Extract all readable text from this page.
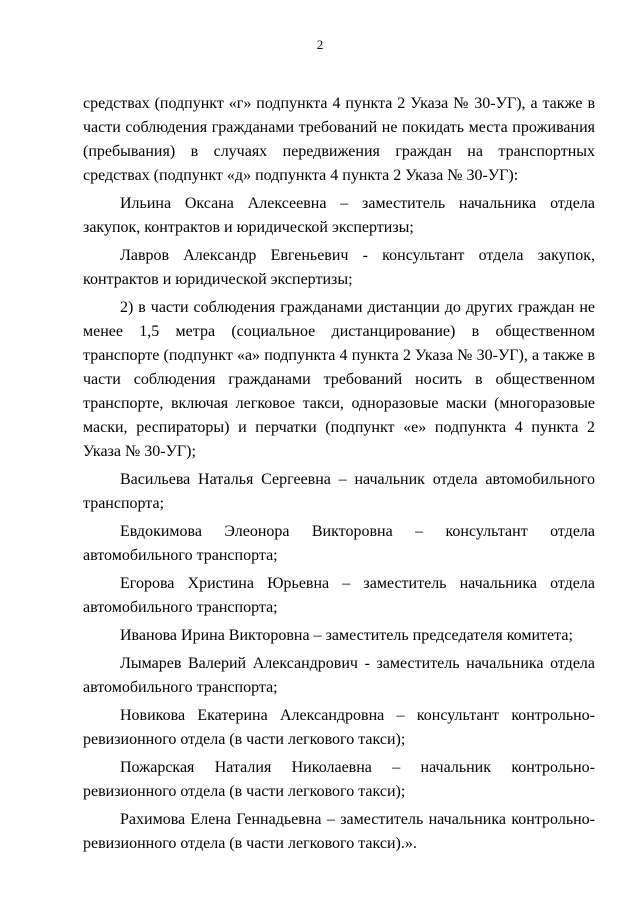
2

средствах (подпункт «г» подпункта 4 пункта 2 Указа № 30-УГ), а также в части соблюдения гражданами требований не покидать места проживания (пребывания) в случаях передвижения граждан на транспортных средствах (подпункт «д» подпункта 4 пункта 2 Указа № 30-УГ):

Ильина Оксана Алексеевна – заместитель начальника отдела закупок, контрактов и юридической экспертизы;

Лавров Александр Евгеньевич - консультант отдела закупок, контрактов и юридической экспертизы;

2) в части соблюдения гражданами дистанции до других граждан не менее 1,5 метра (социальное дистанцирование) в общественном транспорте (подпункт «а» подпункта 4 пункта 2 Указа № 30-УГ), а также в части соблюдения гражданами требований носить в общественном транспорте, включая легковое такси, одноразовые маски (многоразовые маски, респираторы) и перчатки (подпункт «е» подпункта 4 пункта 2 Указа № 30-УГ);

Васильева Наталья Сергеевна – начальник отдела автомобильного транспорта;

Евдокимова Элеонора Викторовна – консультант отдела автомобильного транспорта;

Егорова Христина Юрьевна – заместитель начальника отдела автомобильного транспорта;

Иванова Ирина Викторовна – заместитель председателя комитета;

Лымарев Валерий Александрович - заместитель начальника отдела автомобильного транспорта;

Новикова Екатерина Александровна – консультант контрольно-ревизионного отдела (в части легкового такси);

Пожарская Наталия Николаевна – начальник контрольно-ревизионного отдела (в части легкового такси);

Рахимова Елена Геннадьевна – заместитель начальника контрольно-ревизионного отдела (в части легкового такси).».
